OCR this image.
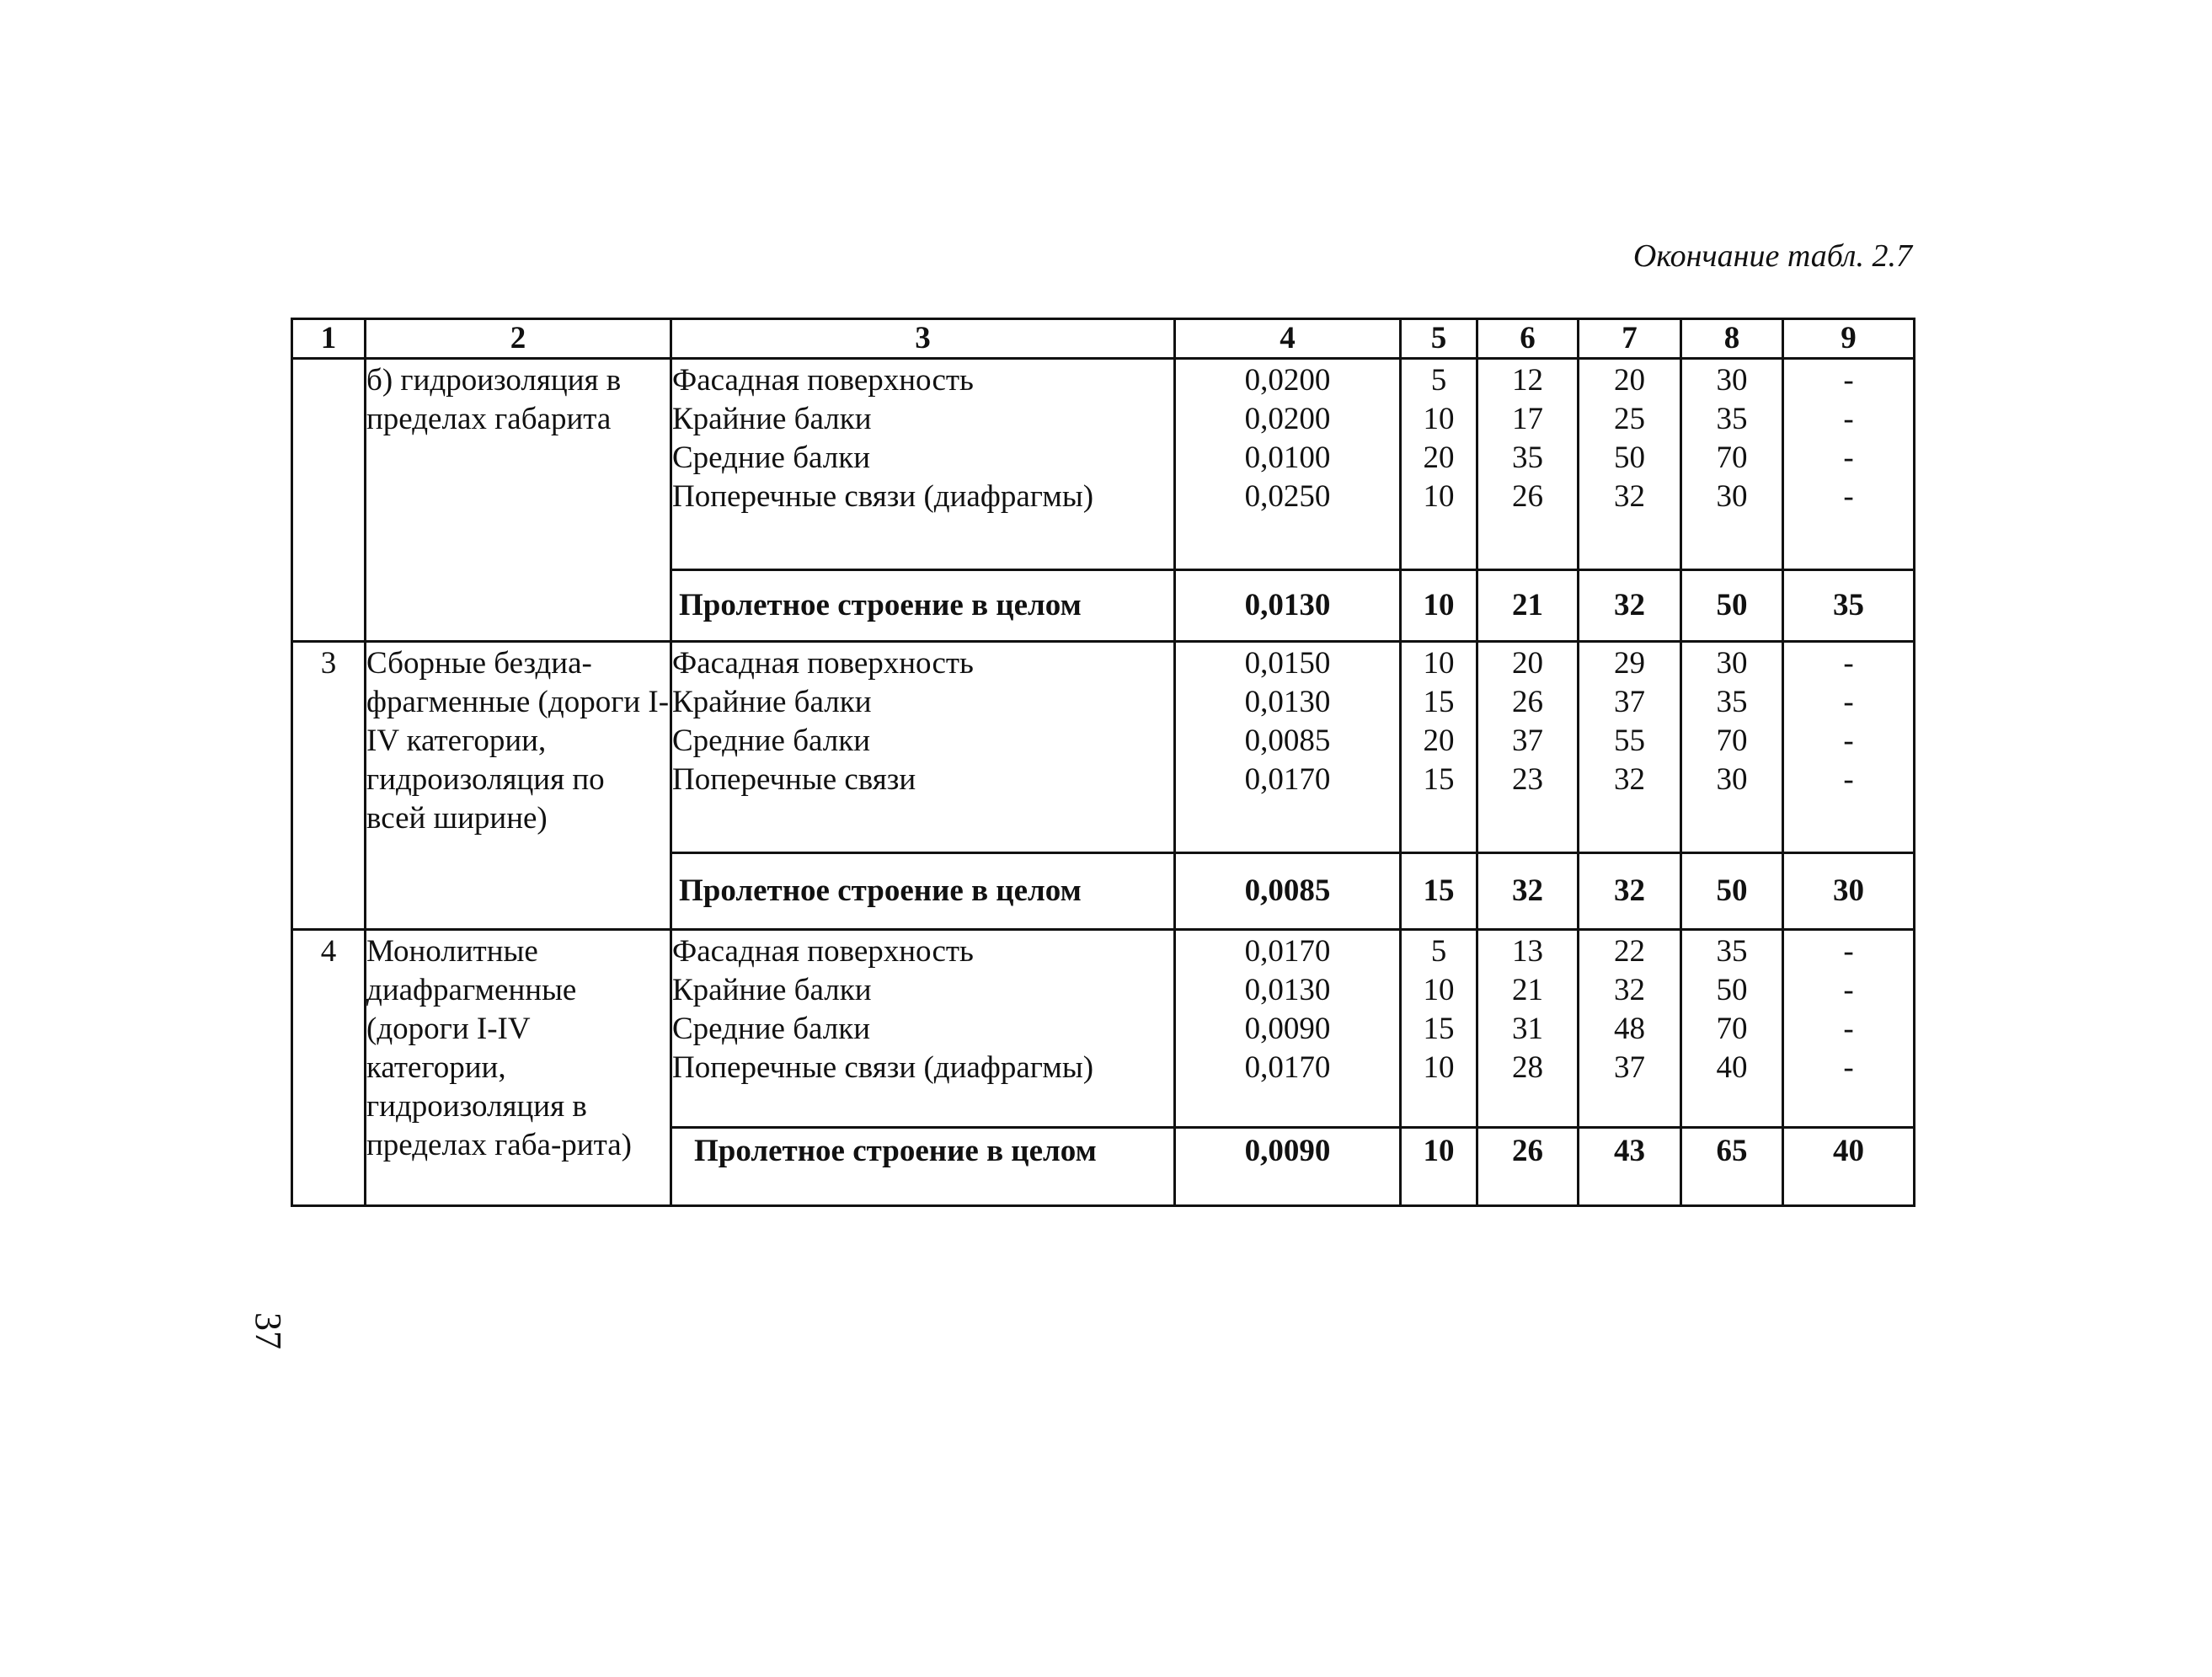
Окончание табл. 2.7
1	2	3	4	5	6	7	8	9
	б) гидроизоляция в пределах габарита	Фасадная поверхность	0,0200	5	12	20	30	-
		Крайние балки	0,0200	10	17	25	35	-
		Средние балки	0,0100	20	35	50	70	-
		Поперечные связи (диафрагмы)	0,0250	10	26	32	30	-
		Пролетное строение в целом	0,0130	10	21	32	50	35
3	Сборные бездиа-фрагменные (дороги I-IV категории, гидроизоляция по всей ширине)	Фасадная поверхность	0,0150	10	20	29	30	-
		Крайние балки	0,0130	15	26	37	35	-
		Средние балки	0,0085	20	37	55	70	-
		Поперечные связи	0,0170	15	23	32	30	-
		Пролетное строение в целом	0,0085	15	32	32	50	30
4	Монолитные диафрагменные (дороги I-IV категории, гидроизоляция в пределах габа-рита)	Фасадная поверхность	0,0170	5	13	22	35	-
		Крайние балки	0,0130	10	21	32	50	-
		Средние балки	0,0090	15	31	48	70	-
		Поперечные связи (диафрагмы)	0,0170	10	28	37	40	-
		Пролетное строение в целом	0,0090	10	26	43	65	40
37
